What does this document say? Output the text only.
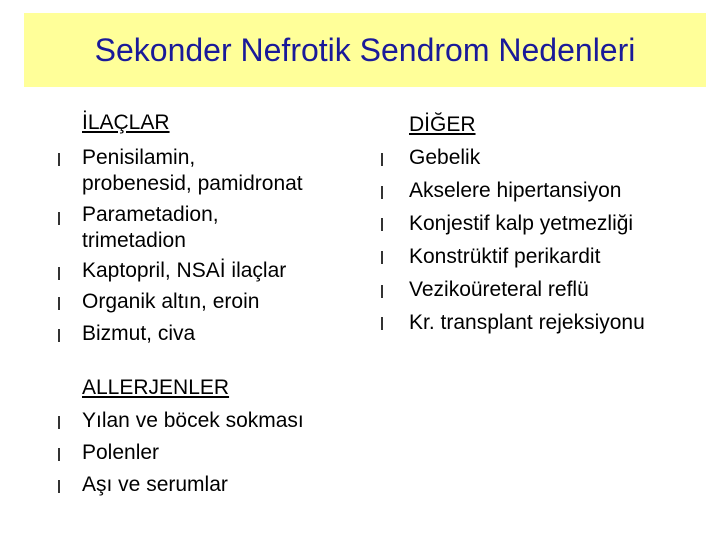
Sekonder Nefrotik Sendrom Nedenleri
İLAÇLAR
Penisilamin,
probenesid, pamidronat
Parametadion,
trimetadion
Kaptopril, NSAİ ilaçlar
Organik altın, eroin
Bizmut, civa
ALLERJENLER
Yılan ve böcek sokması
Polenler
Aşı ve serumlar
DİĞER
Gebelik
Akselere hipertansiyon
Konjestif kalp yetmezliği
Konstrüktif perikardit
Vezikoüreteral reflü
Kr. transplant rejeksiyonu
